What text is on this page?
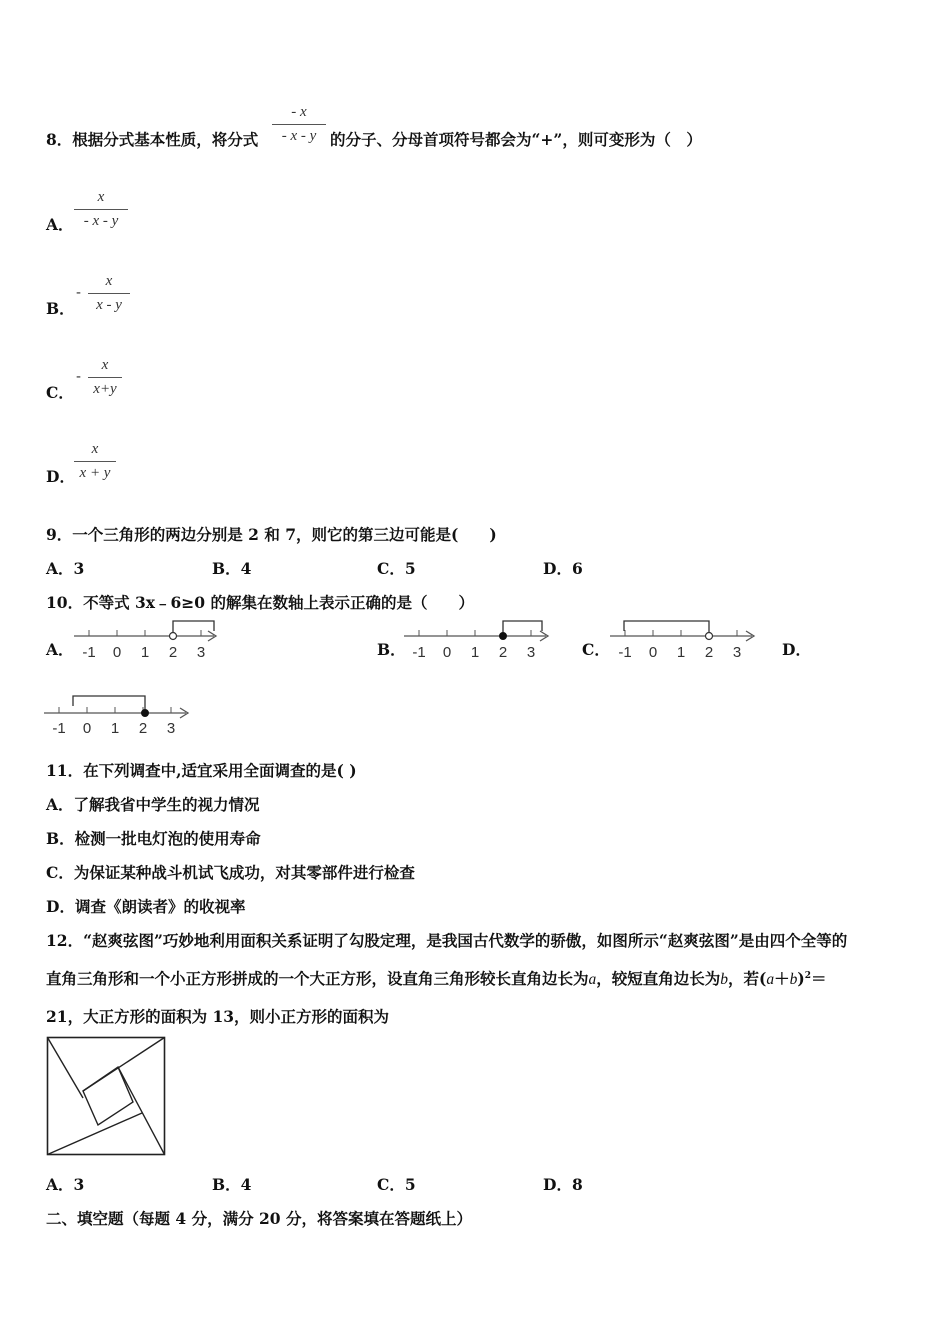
8．根据分式基本性质，将分式
- x
- x - y 的分子、分母首项符号都会为“+”，则可变形为（　）
A．
x
- x - y
B．
-
x
x - y
C．
-
x
x+y
D．
x
x + y
9．一个三角形的两边分别是 2 和 7，则它的第三边可能是(　　)
A．3	B．4	C．5	D．6
10．不等式 3x﹣6≥0 的解集在数轴上表示正确的是（　　）
A．	B．	C．	D．
-1 0 1 2 3	-1 0 1 2 3	-1 0 1 2 3
-1 0 1 2 3
11．在下列调查中,适宜采用全面调查的是( )
A．了解我省中学生的视力情况
B．检测一批电灯泡的使用寿命
C．为保证某种战斗机试飞成功，对其零部件进行检查
D．调查《朗读者》的收视率
12．“赵爽弦图”巧妙地利用面积关系证明了勾股定理，是我国古代数学的骄傲，如图所示“赵爽弦图”是由四个全等的
直角三角形和一个小正方形拼成的一个大正方形，设直角三角形较长直角边长为a，较短直角边长为b，若$(a+b)^2=$
21，大正方形的面积为 13，则小正方形的面积为
A．3	B．4	C．5	D．8
二、填空题（每题 4 分，满分 20 分，将答案填在答题纸上）
